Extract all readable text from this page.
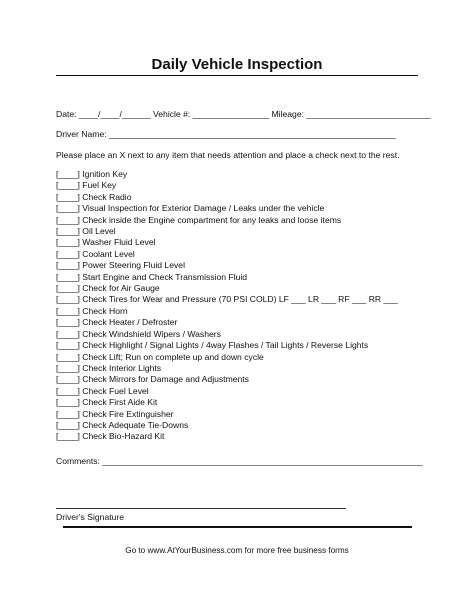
Daily Vehicle Inspection
Date: ____/____/______ Vehicle #: ________________ Mileage: __________________________
Driver Name: ____________________________________________________________
Please place an X next to any item that needs attention and place a check next to the rest.
[____] Ignition Key
[____] Fuel Key
[____] Check Radio
[____] Visual Inspection for Exterior Damage / Leaks under the vehicle
[____] Check inside the Engine compartment for any leaks and loose items
[____] Oil Level
[____] Washer Fluid Level
[____] Coolant Level
[____] Power Steering Fluid Level
[____] Start Engine and Check Transmission Fluid
[____] Check for Air Gauge
[____] Check Tires for Wear and Pressure (70 PSI COLD) LF ___ LR ___ RF ___ RR ___
[____] Check Horn
[____] Check Heater / Defroster
[____] Check Windshield Wipers / Washers
[____] Check Highlight / Signal Lights / 4way Flashes / Tail Lights / Reverse Lights
[____] Check Lift; Run on complete up and down cycle
[____] Check Interior Lights
[____] Check Mirrors for Damage and Adjustments
[____] Check Fuel Level
[____] Check First Aide Kit
[____] Check Fire Extinguisher
[____] Check Adequate Tie-Downs
[____] Check Bio-Hazard Kit
Comments: ___________________________________________________________________
Driver's Signature
Go to www.AtYourBusiness.com for more free business forms
